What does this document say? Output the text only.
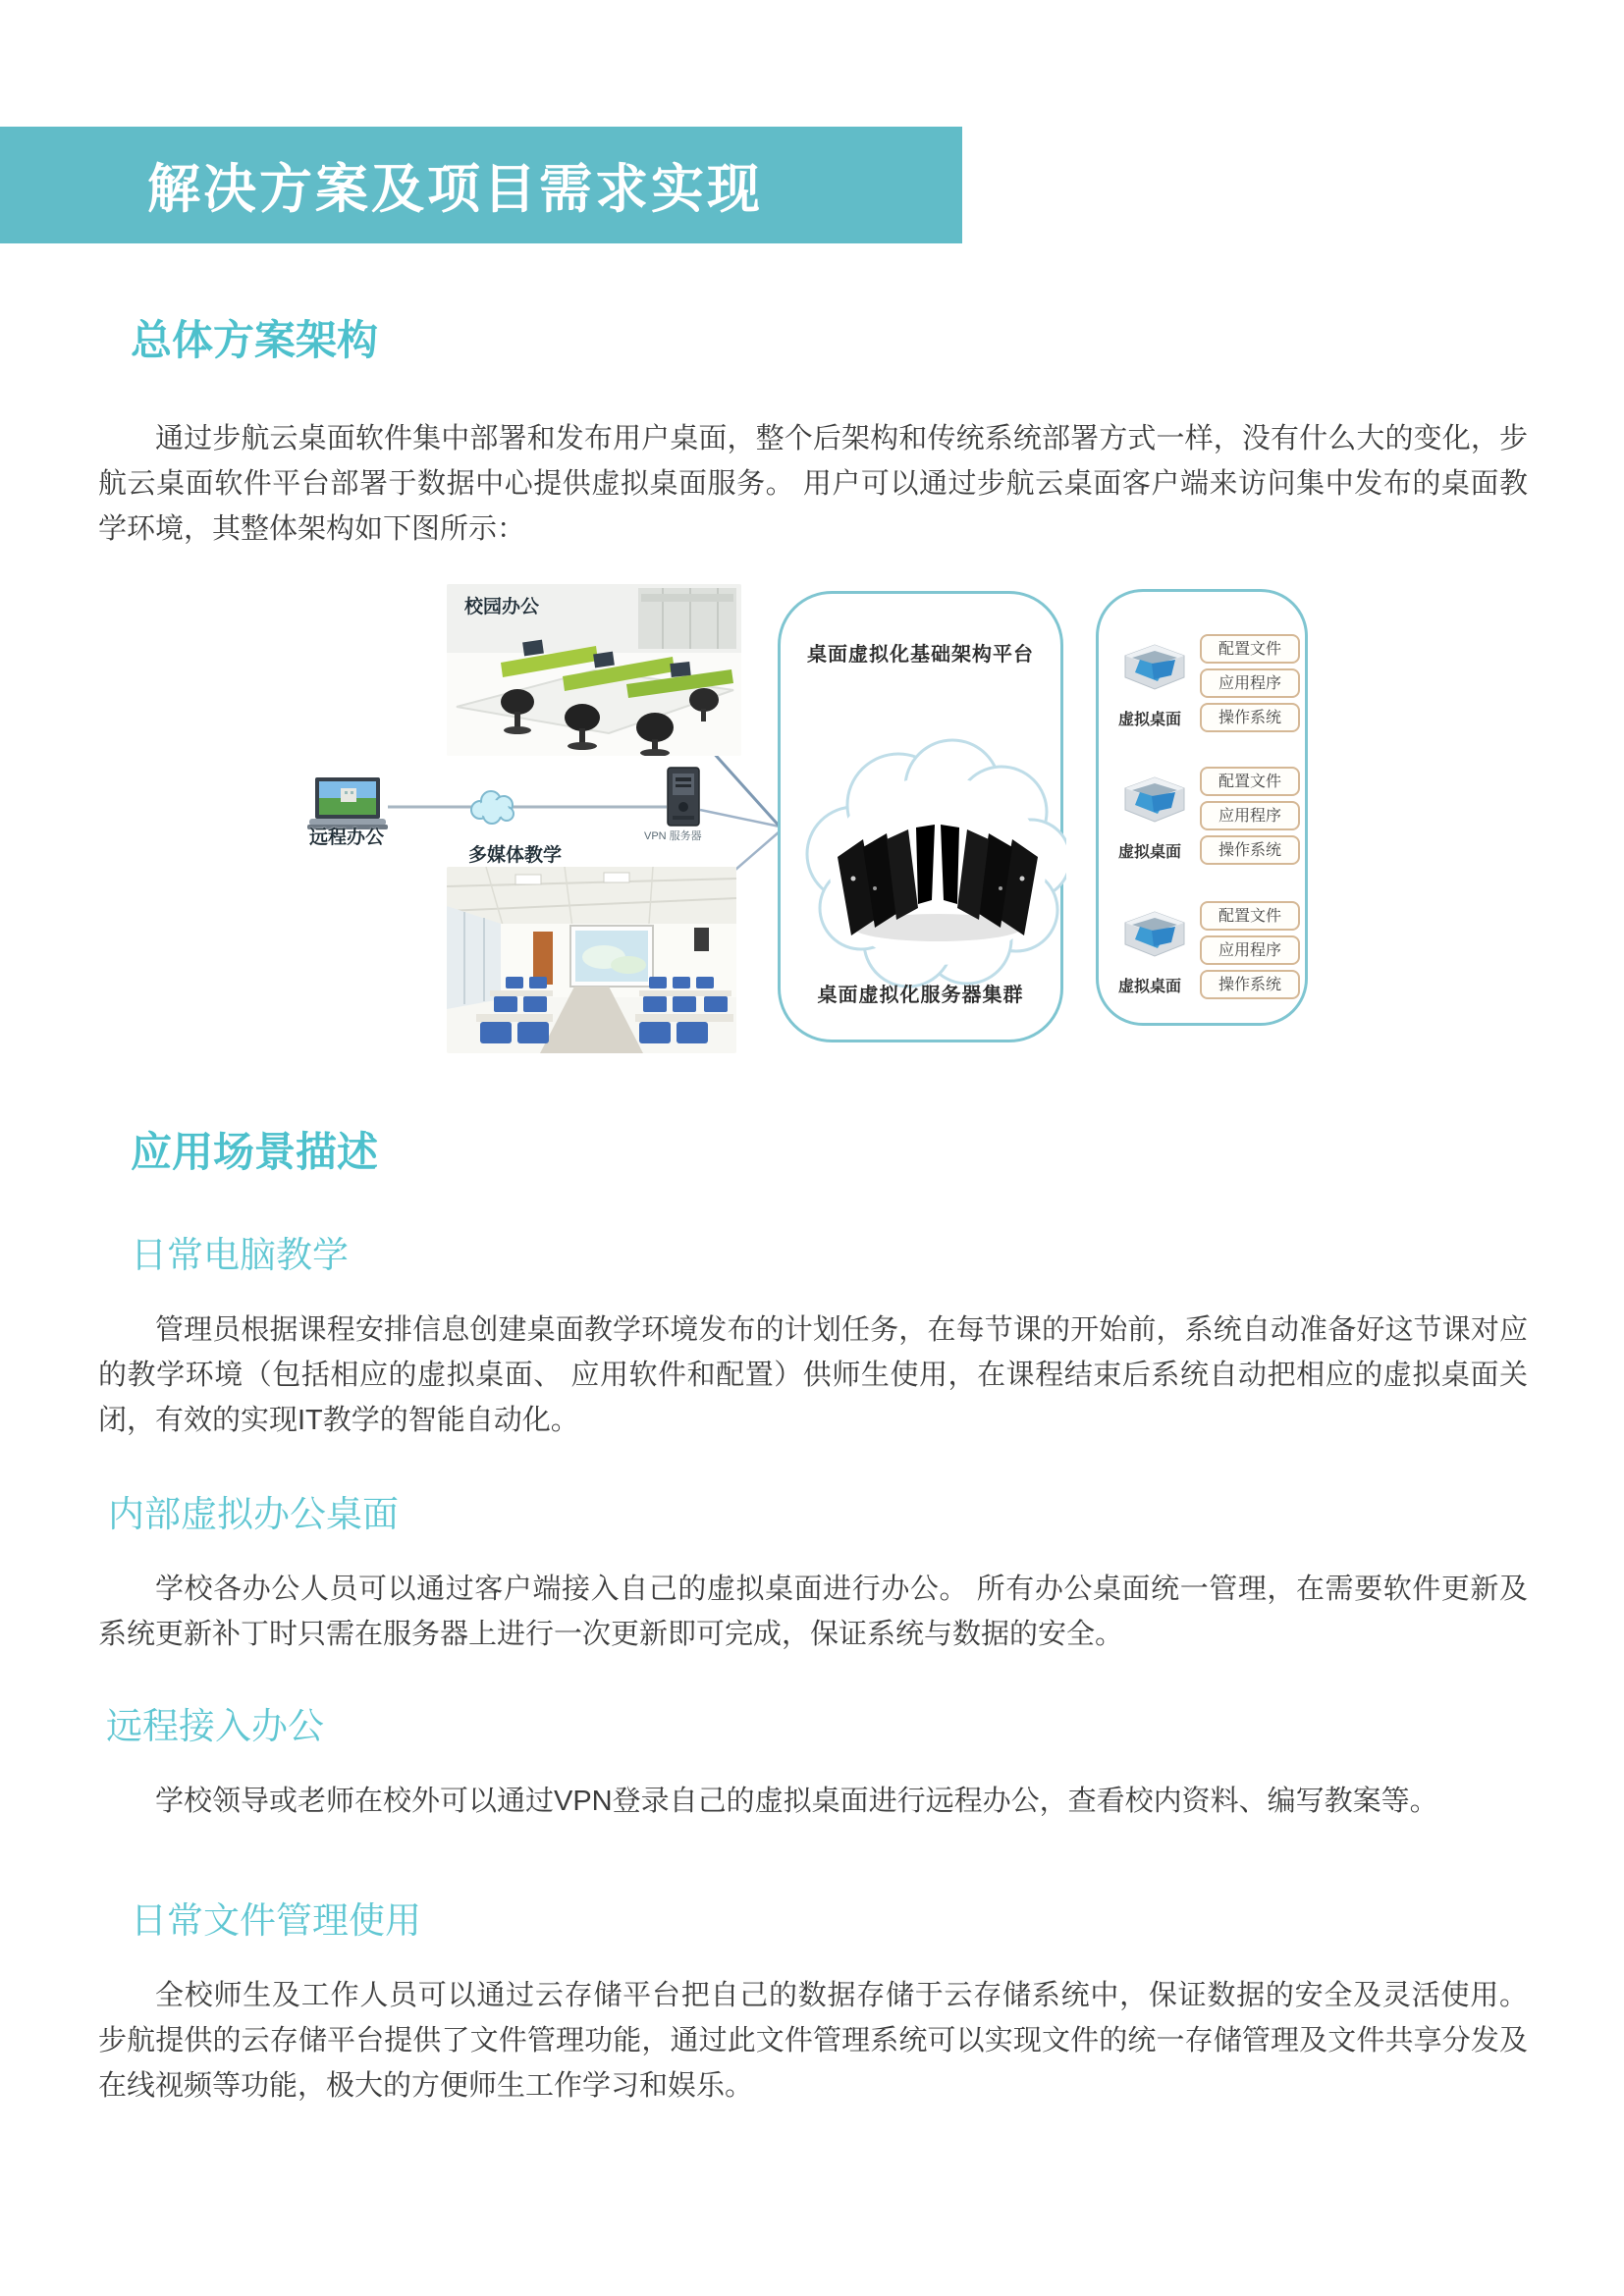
解决方案及项目需求实现
总体方案架构
通过步航云桌面软件集中部署和发布用户桌面，整个后架构和传统系统部署方式一样，没有什么大的变化，步航云桌面软件平台部署于数据中心提供虚拟桌面服务。 用户可以通过步航云桌面客户端来访问集中发布的桌面教学环境，其整体架构如下图所示：
校园办公
多媒体教学
远程办公	VPN 服务器
桌面虚拟化基础架构平台
桌面虚拟化服务器集群
虚拟桌面
配置文件
应用程序
操作系统
虚拟桌面
配置文件
应用程序
操作系统
虚拟桌面
配置文件
应用程序
操作系统
应用场景描述
日常电脑教学
管理员根据课程安排信息创建桌面教学环境发布的计划任务，在每节课的开始前，系统自动准备好这节课对应的教学环境（包括相应的虚拟桌面、 应用软件和配置）供师生使用，在课程结束后系统自动把相应的虚拟桌面关闭，有效的实现IT教学的智能自动化。
内部虚拟办公桌面
学校各办公人员可以通过客户端接入自己的虚拟桌面进行办公。 所有办公桌面统一管理，在需要软件更新及系统更新补丁时只需在服务器上进行一次更新即可完成，保证系统与数据的安全。
远程接入办公
学校领导或老师在校外可以通过VPN登录自己的虚拟桌面进行远程办公，查看校内资料、编写教案等。
日常文件管理使用
全校师生及工作人员可以通过云存储平台把自己的数据存储于云存储系统中，保证数据的安全及灵活使用。 步航提供的云存储平台提供了文件管理功能，通过此文件管理系统可以实现文件的统一存储管理及文件共享分发及在线视频等功能，极大的方便师生工作学习和娱乐。
